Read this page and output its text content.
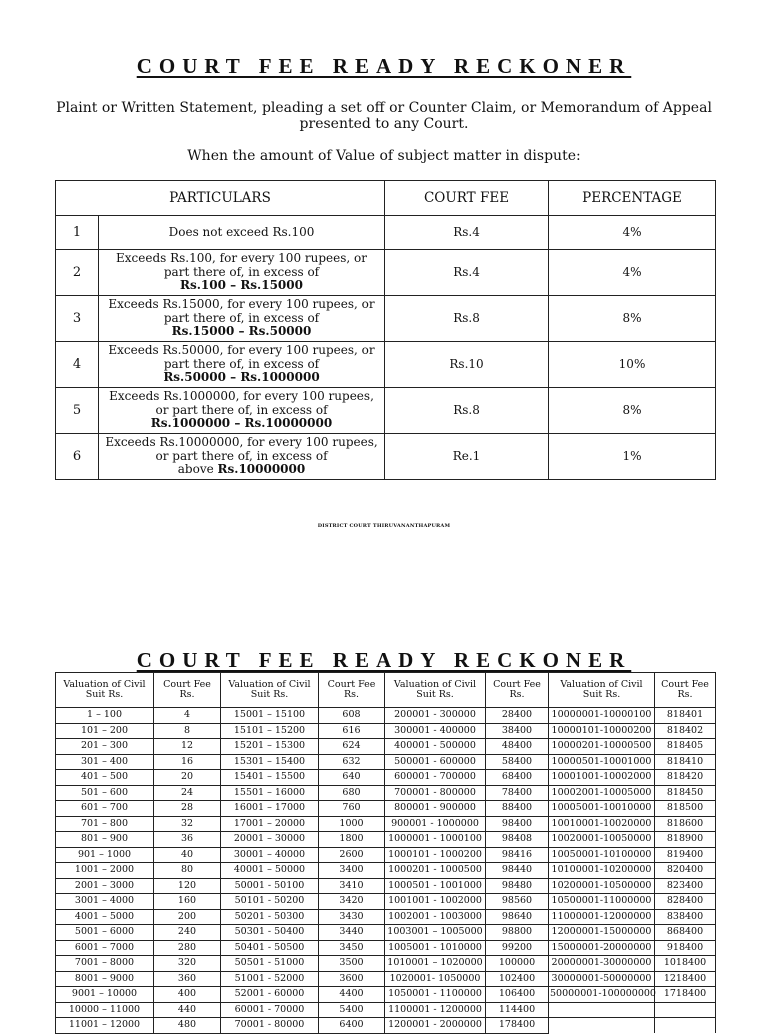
COURT FEE READY RECKONER
Plaint or Written Statement, pleading a set off or Counter Claim, or Memorandum of Appeal
presented to any Court.
When the amount of Value of subject matter in dispute:
PARTICULARS		COURT FEE	PERCENTAGE
1	Does not exceed Rs.100	Rs.4	4%
2	Exceeds Rs.100, for every 100 rupees, or part there of, in excess of
Rs.100 – Rs.15000	Rs.4	4%
3	Exceeds Rs.15000, for every 100 rupees, or part there of, in excess of
Rs.15000 – Rs.50000	Rs.8	8%
4	Exceeds Rs.50000, for every 100 rupees, or part there of, in excess of
Rs.50000 – Rs.1000000	Rs.10	10%
5	Exceeds Rs.1000000, for every 100 rupees, or part there of, in excess of
Rs.1000000 – Rs.10000000	Rs.8	8%
6	Exceeds Rs.10000000, for every 100 rupees, or part there of, in excess of
above Rs.10000000	Re.1	1%
DISTRICT COURT THIRUVANANTHAPURAM
COURT FEE READY RECKONER
Valuation of Civil Suit Rs.	Court Fee Rs.	Valuation of Civil Suit Rs.	Court Fee Rs.	Valuation of Civil Suit Rs.	Court Fee Rs.	Valuation of Civil Suit Rs.	Court Fee Rs.
1 – 100	4	15001 – 15100	608	200001 - 300000	28400	10000001-10000100	818401
101 – 200	8	15101 – 15200	616	300001 - 400000	38400	10000101-10000200	818402
201 – 300	12	15201 – 15300	624	400001 - 500000	48400	10000201-10000500	818405
301 – 400	16	15301 – 15400	632	500001 - 600000	58400	10000501-10001000	818410
401 – 500	20	15401 – 15500	640	600001 - 700000	68400	10001001-10002000	818420
501 – 600	24	15501 – 16000	680	700001 - 800000	78400	10002001-10005000	818450
601 – 700	28	16001 – 17000	760	800001 - 900000	88400	10005001-10010000	818500
701 – 800	32	17001 – 20000	1000	900001 - 1000000	98400	10010001-10020000	818600
801 – 900	36	20001 – 30000	1800	1000001 - 1000100	98408	10020001-10050000	818900
901 – 1000	40	30001 – 40000	2600	1000101 - 1000200	98416	10050001-10100000	819400
1001 – 2000	80	40001 – 50000	3400	1000201 - 1000500	98440	10100001-10200000	820400
2001 – 3000	120	50001 - 50100	3410	1000501 - 1001000	98480	10200001-10500000	823400
3001 – 4000	160	50101 - 50200	3420	1001001 - 1002000	98560	10500001-11000000	828400
4001 – 5000	200	50201 - 50300	3430	1002001 - 1003000	98640	11000001-12000000	838400
5001 – 6000	240	50301 - 50400	3440	1003001 – 1005000	98800	12000001-15000000	868400
6001 – 7000	280	50401 - 50500	3450	1005001 - 1010000	99200	15000001-20000000	918400
7001 – 8000	320	50501 - 51000	3500	1010001 – 1020000	100000	20000001-30000000	1018400
8001 – 9000	360	51001 - 52000	3600	1020001- 1050000	102400	30000001-50000000	1218400
9001 – 10000	400	52001 - 60000	4400	1050001 - 1100000	106400	50000001-100000000	1718400
10000 – 11000	440	60001 - 70000	5400	1100001 - 1200000	114400		
11001 – 12000	480	70001 - 80000	6400	1200001 - 2000000	178400		
